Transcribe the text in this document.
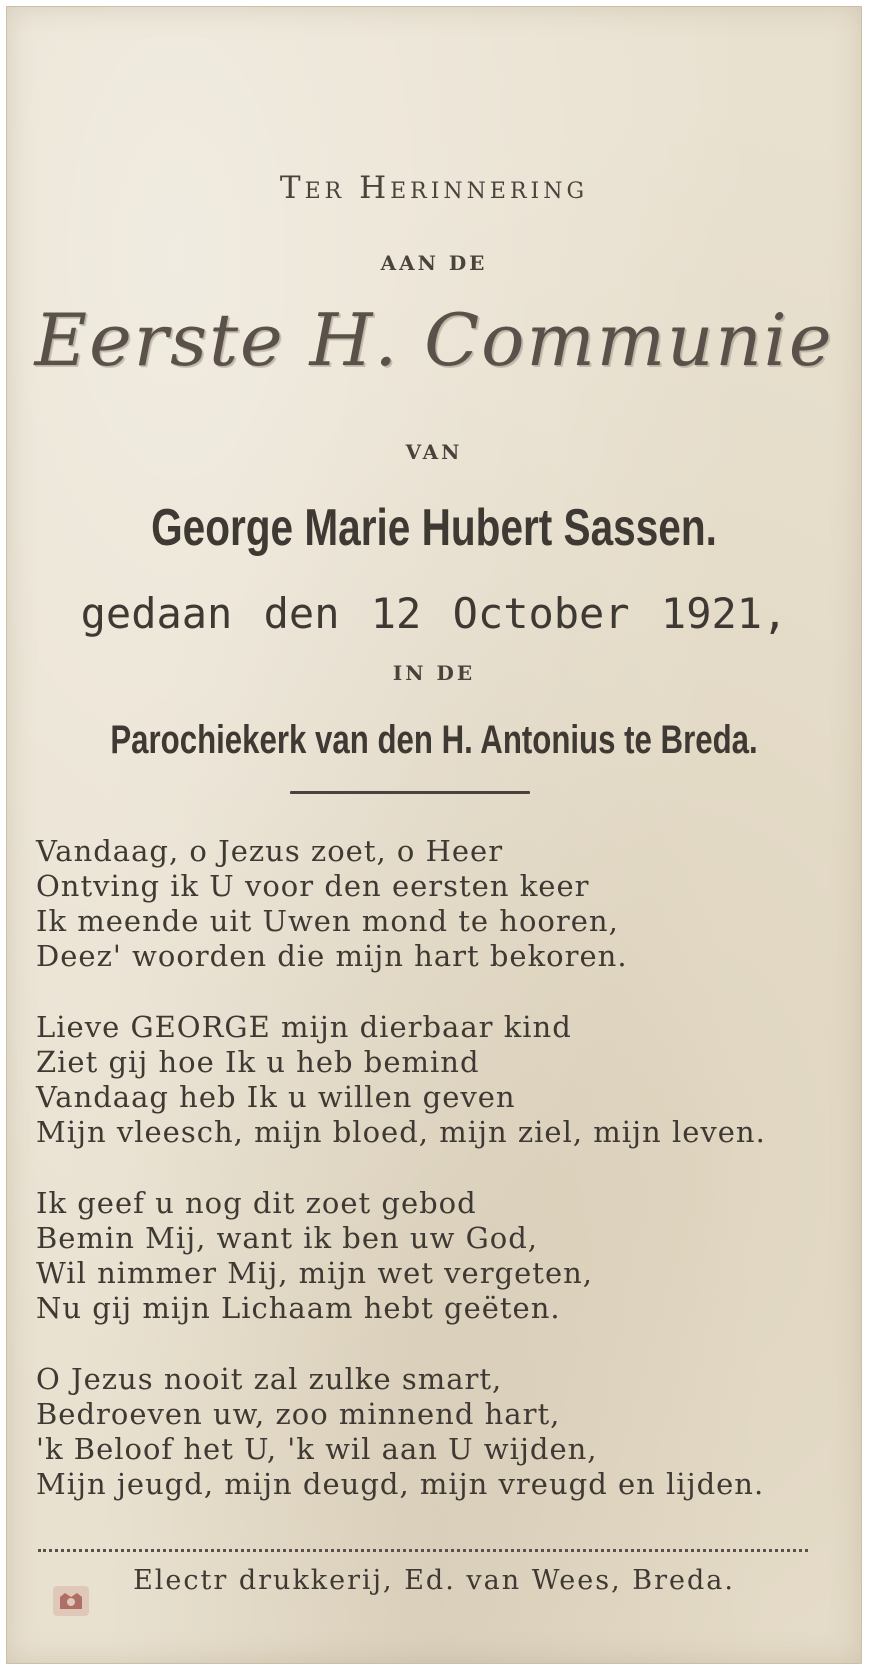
Ter Herinnering
AAN DE
Eerste H. Communie
VAN
George Marie Hubert Sassen.
gedaan den 12 October 1921,
IN DE
Parochiekerk van den H. Antonius te Breda.
Vandaag, o Jezus zoet, o Heer
Ontving ik U voor den eersten keer
Ik meende uit Uwen mond te hooren,
Deez' woorden die mijn hart bekoren.
Lieve GEORGE mijn dierbaar kind
Ziet gij hoe Ik u heb bemind
Vandaag heb Ik u willen geven
Mijn vleesch, mijn bloed, mijn ziel, mijn leven.
Ik geef u nog dit zoet gebod
Bemin Mij, want ik ben uw God,
Wil nimmer Mij, mijn wet vergeten,
Nu gij mijn Lichaam hebt geëten.
O Jezus nooit zal zulke smart,
Bedroeven uw, zoo minnend hart,
'k Beloof het U, 'k wil aan U wijden,
Mijn jeugd, mijn deugd, mijn vreugd en lijden.
Electr drukkerij, Ed. van Wees, Breda.
